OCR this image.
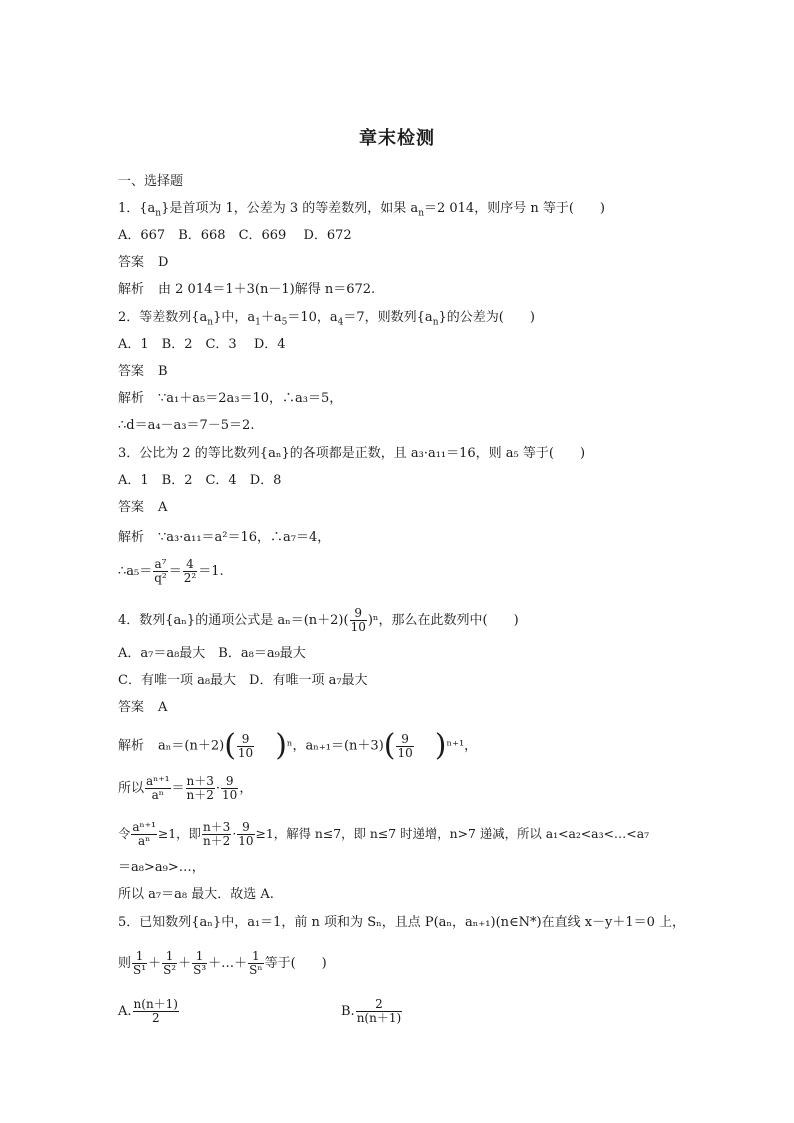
章末检测
一、选择题
1．$\{a_n\}$是首项为 1，公差为 3 的等差数列，如果 $a_n=2$ 014，则序号 n 等于(　　)
A．667　B．668　C．669　 D．672
答案 D
解析 由 2 014＝1＋3(n－1)解得 n＝672.
2．等差数列$\{a_n\}$中，$a_1+a_5=10$，$a_4=7$，则数列$\{a_n\}$的公差为(　　)
A．1　B．2　C．3　 D．4
答案 B
解析 ∵a₁＋a₅＝2a₃＝10，∴a₃＝5，
∴d＝a₄－a₃＝7－5＝2.
3．公比为 2 的等比数列{aₙ}的各项都是正数，且 a₃·a₁₁＝16，则 a₅ 等于(　　)
A．1　B．2　C．4　D．8
答案 A
解析 ∵a₃·a₁₁＝a²＝16，∴a₇＝4，
∴a₅＝ $\frac{\text{a⁷}}{\text{q²}} = \frac{4}{\text{2²}} =1$.
4．数列{aₙ}的通项公式是 $a_n=(n+2)( \frac{9}{10} )^n$，那么在此数列中(　　)
A．a₇＝a₈最大　B．a₈＝a₉最大
C．有唯一项 a₈最大　D．有唯一项 a₇最大
答案 A
解析 $a_n=(n+2)( \frac{9}{10} )^n$，$a_{n+1}=(n+3)( \frac{9}{10} )^{n+1}$，
所以 $\frac{\text{aⁿ⁺¹}}{\text{aⁿ}} = \frac{n+3}{n+2} \cdot \frac{9}{10}$ ，
令 $\frac{\text{aⁿ⁺¹}}{\text{aⁿ}} \ge 1$，即 $\frac{n+3}{n+2} \cdot \frac{9}{10} \ge 1$，解得 n≤7，即 n≤7 时递增，n>7 递减，所以 a₁<a₂<a₃<…<a₇
＝a₈>a₉>…，
所以 a₇＝a₈ 最大．故选 A.
5．已知数列{aₙ}中，a₁＝1，前 n 项和为 Sₙ，且点 P(aₙ，aₙ₊₁)(n∈N*)在直线 x－y＋1＝0 上，
则 $\frac{1}{\text{S¹}} + \frac{1}{\text{S²}} + \frac{1}{\text{S³}}$ ＋…＋ $\frac{1}{\text{Sⁿ}}$ 等于(　　)
A. $\frac{n(n+1)}{2}$	B. $\frac{2}{n(n+1)}$
